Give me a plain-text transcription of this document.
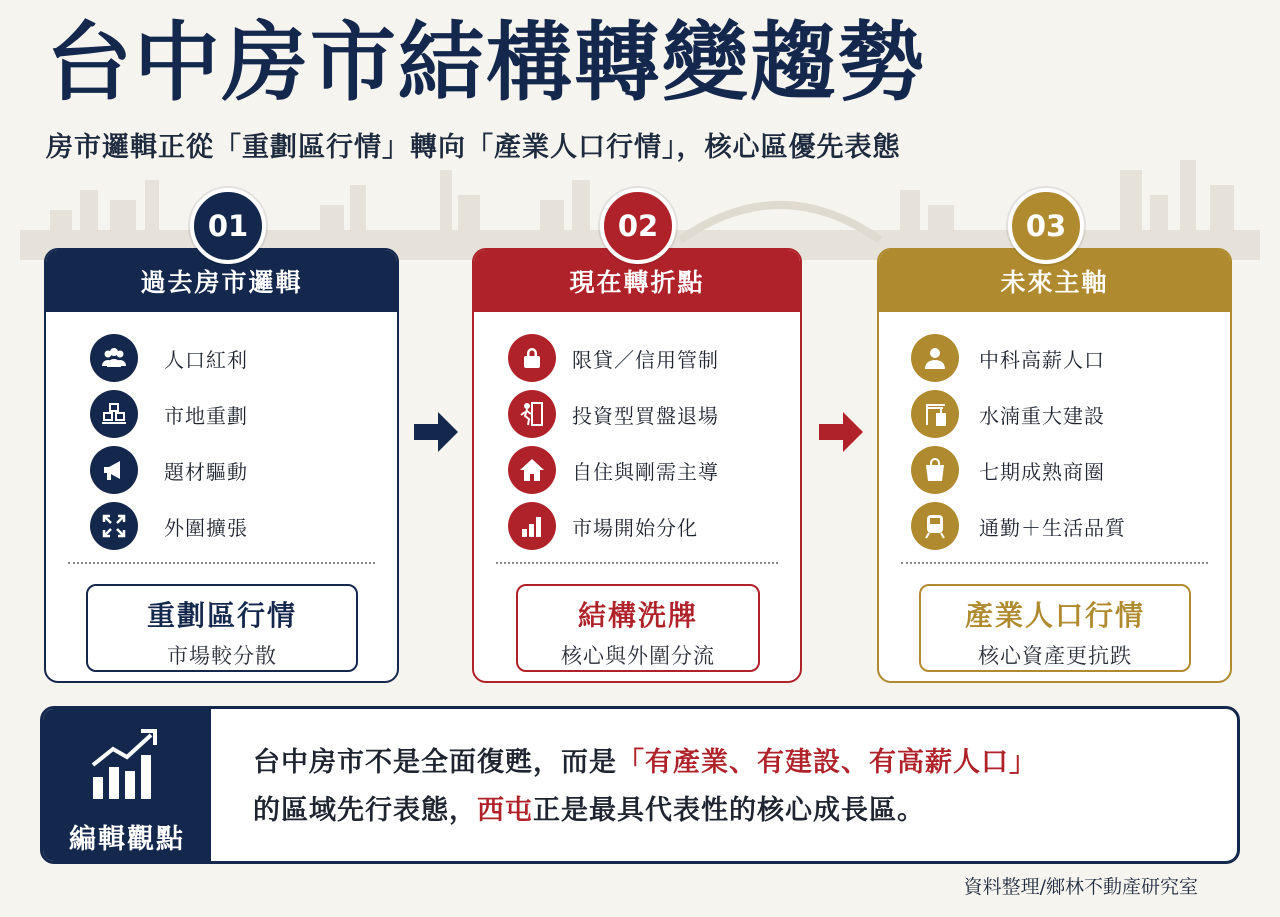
台中房市結構轉變趨勢
房市邏輯正從「重劃區行情」轉向「產業人口行情」，核心區優先表態
01
過去房市邏輯
人口紅利
市地重劃
題材驅動
外圍擴張
重劃區行情
市場較分散
02
現在轉折點
限貸／信用管制
投資型買盤退場
自住與剛需主導
市場開始分化
結構洗牌
核心與外圍分流
03
未來主軸
中科高薪人口
水湳重大建設
七期成熟商圈
通勤＋生活品質
產業人口行情
核心資產更抗跌
編輯觀點
台中房市不是全面復甦，而是「有產業、有建設、有高薪人口」
的區域先行表態，西屯正是最具代表性的核心成長區。
資料整理/鄉林不動產研究室
